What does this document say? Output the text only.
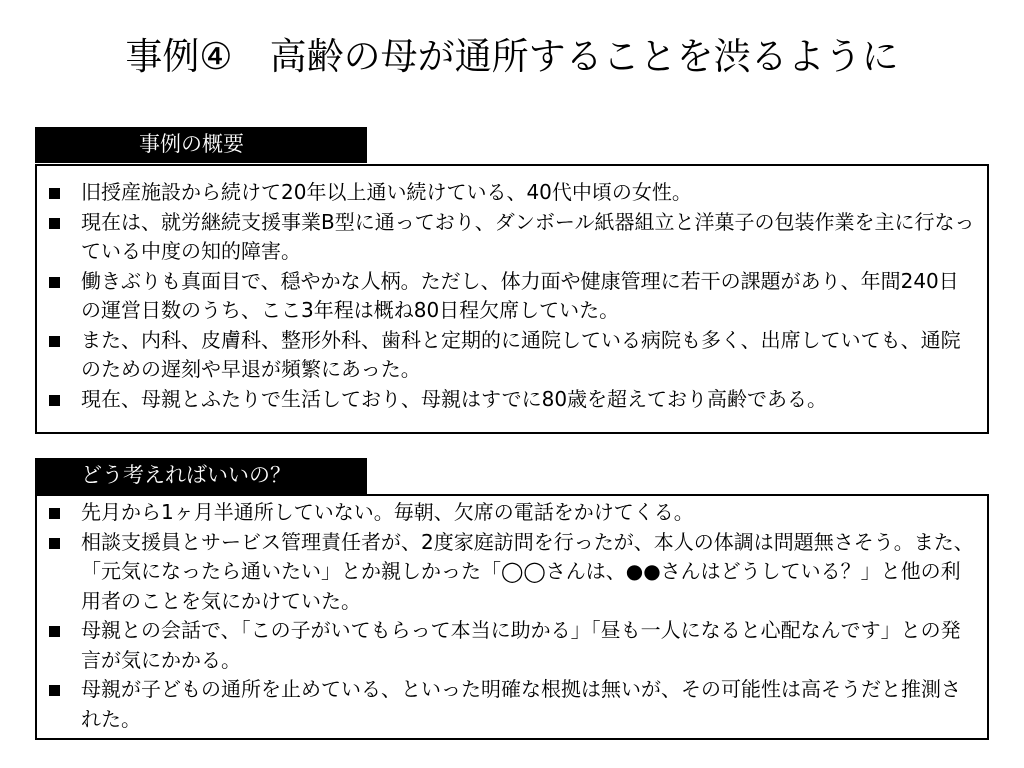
事例④　高齢の母が通所することを渋るように
事例の概要
旧授産施設から続けて20年以上通い続けている、40代中頃の女性。
現在は、就労継続支援事業B型に通っており、ダンボール紙器組立と洋菓子の包装作業を主に行なっている中度の知的障害。
働きぶりも真面目で、穏やかな人柄。ただし、体力面や健康管理に若干の課題があり、年間240日の運営日数のうち、ここ3年程は概ね80日程欠席していた。
また、内科、皮膚科、整形外科、歯科と定期的に通院している病院も多く、出席していても、通院のための遅刻や早退が頻繁にあった。
現在、母親とふたりで生活しており、母親はすでに80歳を超えており高齢である。
どう考えればいいの？
先月から1ヶ月半通所していない。毎朝、欠席の電話をかけてくる。
相談支援員とサービス管理責任者が、2度家庭訪問を行ったが、本人の体調は問題無さそう。また、「元気になったら通いたい」とか親しかった「◯◯さんは、●●さんはどうしている？」と他の利用者のことを気にかけていた。
母親との会話で、「この子がいてもらって本当に助かる」「昼も一人になると心配なんです」との発言が気にかかる。
母親が子どもの通所を止めている、といった明確な根拠は無いが、その可能性は高そうだと推測された。
